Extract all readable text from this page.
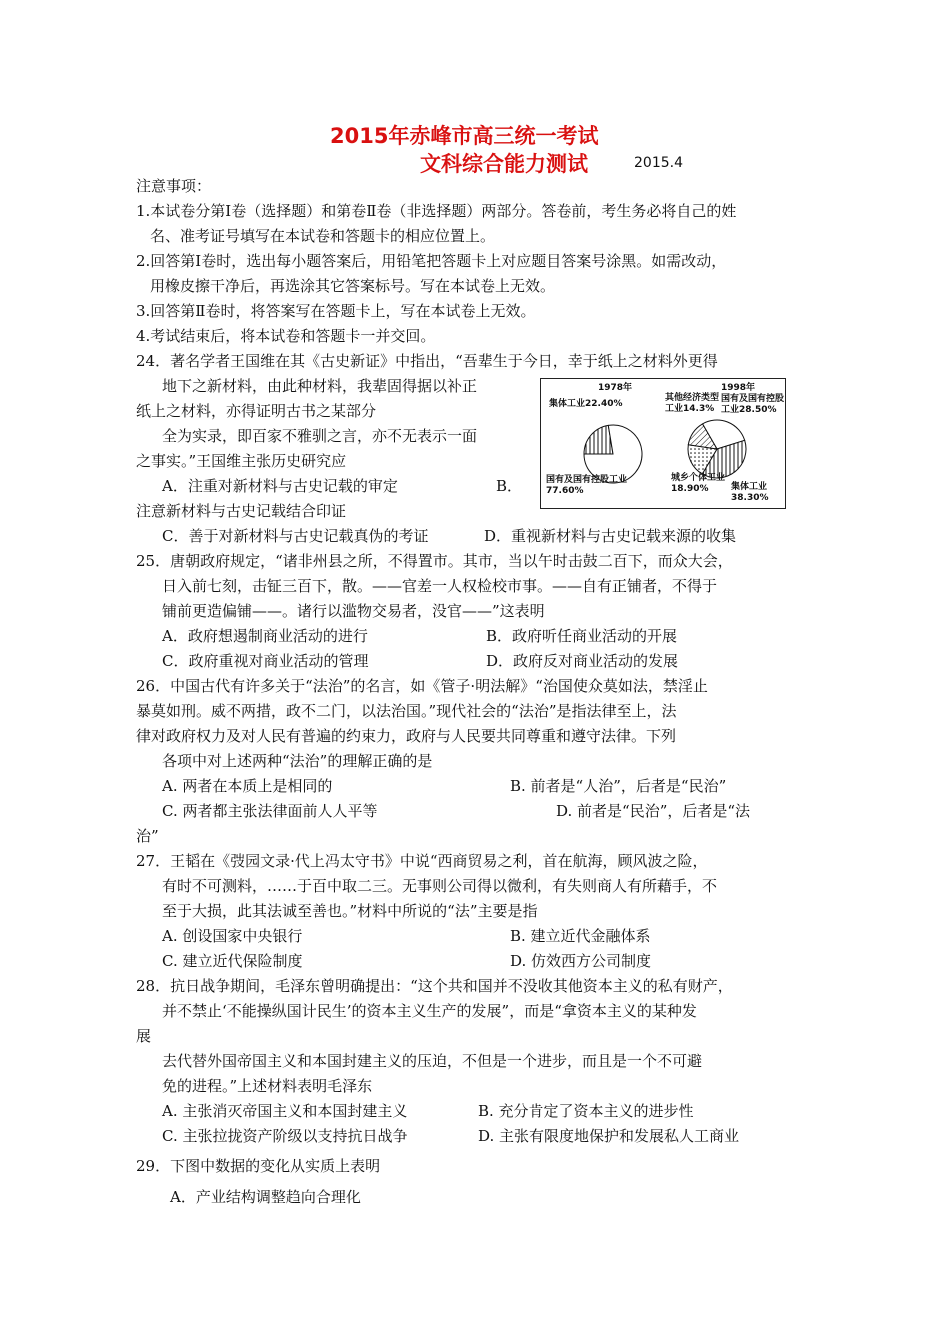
2015年赤峰市高三统一考试
文科综合能力测试	2015.4
注意事项：
1.本试卷分第Ⅰ卷（选择题）和第卷Ⅱ卷（非选择题）两部分。答卷前，考生务必将自己的姓
名、准考证号填写在本试卷和答题卡的相应位置上。
2.回答第Ⅰ卷时，选出每小题答案后，用铅笔把答题卡上对应题目答案号涂黑。如需改动，
用橡皮擦干净后，再选涂其它答案标号。写在本试卷上无效。
3.回答第Ⅱ卷时，将答案写在答题卡上，写在本试卷上无效。
4.考试结束后，将本试卷和答题卡一并交回。
24．著名学者王国维在其《古史新证》中指出，“吾辈生于今日，幸于纸上之材料外更得
地下之新材料，由此种材料，我辈固得据以补正
纸上之材料，亦得证明古书之某部分
全为实录，即百家不雅驯之言，亦不无表示一面
之事实。”王国维主张历史研究应
A．注重对新材料与古史记载的审定	B．
注意新材料与古史记载结合印证
C．善于对新材料与古史记载真伪的考证	D．重视新材料与古史记载来源的收集
1978年
集体工业22.40%
国有及国有控股工业77.60%
其他经济类型工业14.3%
1998年
国有及国有控股工业28.50%
城乡个体工业18.90%	集体工业38.30%
25．唐朝政府规定，“诸非州县之所，不得置市。其市，当以午时击鼓二百下，而众大会，
日入前七刻，击钲三百下，散。——官差一人权检校市事。——自有正铺者，不得于
铺前更造偏铺——。诸行以滥物交易者，没官——”这表明
A．政府想遏制商业活动的进行	B．政府听任商业活动的开展
C．政府重视对商业活动的管理	D．政府反对商业活动的发展
26．中国古代有许多关于“法治”的名言，如《管子·明法解》“治国使众莫如法，禁淫止
暴莫如刑。威不两措，政不二门，以法治国。”现代社会的“法治”是指法律至上，法
律对政府权力及对人民有普遍的约束力，政府与人民要共同尊重和遵守法律。下列
各项中对上述两种“法治”的理解正确的是
A. 两者在本质上是相同的	B. 前者是“人治”，后者是“民治”
C. 两者都主张法律面前人人平等	D. 前者是“民治”，后者是“法
治”
27．王韬在《弢园文录·代上冯太守书》中说“西商贸易之利，首在航海，顾风波之险，
有时不可测料，……于百中取二三。无事则公司得以微利，有失则商人有所藉手，不
至于大损，此其法诚至善也。”材料中所说的“法”主要是指
A. 创设国家中央银行	B. 建立近代金融体系
C. 建立近代保险制度	D. 仿效西方公司制度
28．抗日战争期间，毛泽东曾明确提出：“这个共和国并不没收其他资本主义的私有财产，
并不禁止‘不能操纵国计民生’的资本主义生产的发展”，而是“拿资本主义的某种发
展
去代替外国帝国主义和本国封建主义的压迫，不但是一个进步，而且是一个不可避
免的进程。”上述材料表明毛泽东
A. 主张消灭帝国主义和本国封建主义	B. 充分肯定了资本主义的进步性
C. 主张拉拢资产阶级以支持抗日战争	D. 主张有限度地保护和发展私人工商业
29．下图中数据的变化从实质上表明
A．产业结构调整趋向合理化
